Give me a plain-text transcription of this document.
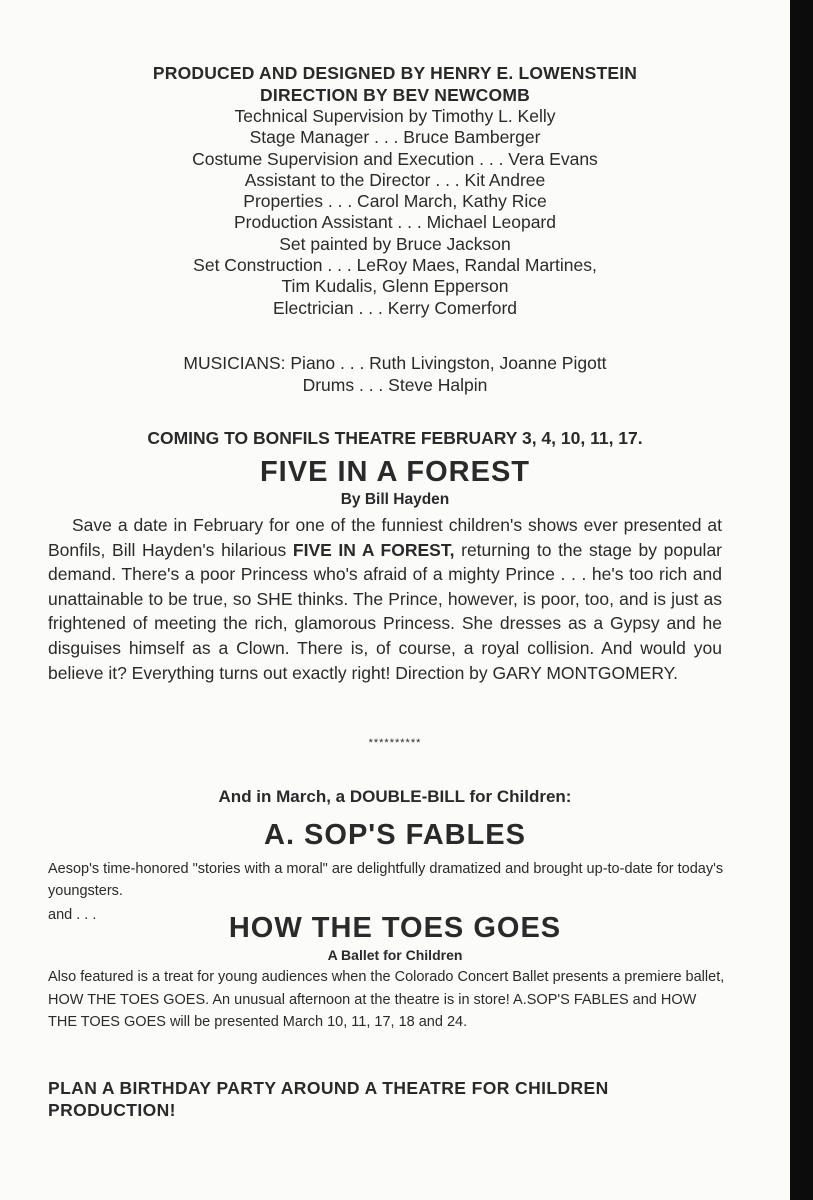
PRODUCED AND DESIGNED BY HENRY E. LOWENSTEIN
DIRECTION BY BEV NEWCOMB
Technical Supervision by Timothy L. Kelly
Stage Manager . . . Bruce Bamberger
Costume Supervision and Execution . . . Vera Evans
Assistant to the Director . . . Kit Andree
Properties . . . Carol March, Kathy Rice
Production Assistant . . . Michael Leopard
Set painted by Bruce Jackson
Set Construction . . . LeRoy Maes, Randal Martines,
Tim Kudalis, Glenn Epperson
Electrician . . . Kerry Comerford
MUSICIANS: Piano . . . Ruth Livingston, Joanne Pigott
Drums . . . Steve Halpin
COMING TO BONFILS THEATRE FEBRUARY 3, 4, 10, 11, 17.
FIVE IN A FOREST
By Bill Hayden

Save a date in February for one of the funniest children's shows ever presented at Bonfils, Bill Hayden's hilarious FIVE IN A FOREST, returning to the stage by popular demand. There's a poor Princess who's afraid of a mighty Prince . . . he's too rich and unattainable to be true, so SHE thinks. The Prince, however, is poor, too, and is just as frightened of meeting the rich, glamorous Princess. She dresses as a Gypsy and he disguises himself as a Clown. There is, of course, a royal collision. And would you believe it? Everything turns out exactly right! Direction by GARY MONTGOMERY.

**********
And in March, a DOUBLE-BILL for Children:
A. SOP'S FABLES

Aesop's time-honored "stories with a moral" are delightfully dramatized and brought up-to-date for today's youngsters.

and . . .	HOW THE TOES GOES
A Ballet for Children

Also featured is a treat for young audiences when the Colorado Concert Ballet presents a premiere ballet, HOW THE TOES GOES. An unusual afternoon at the theatre is in store! A.SOP'S FABLES and HOW THE TOES GOES will be presented March 10, 11, 17, 18 and 24.

PLAN A BIRTHDAY PARTY AROUND A THEATRE FOR CHILDREN PRODUCTION!
